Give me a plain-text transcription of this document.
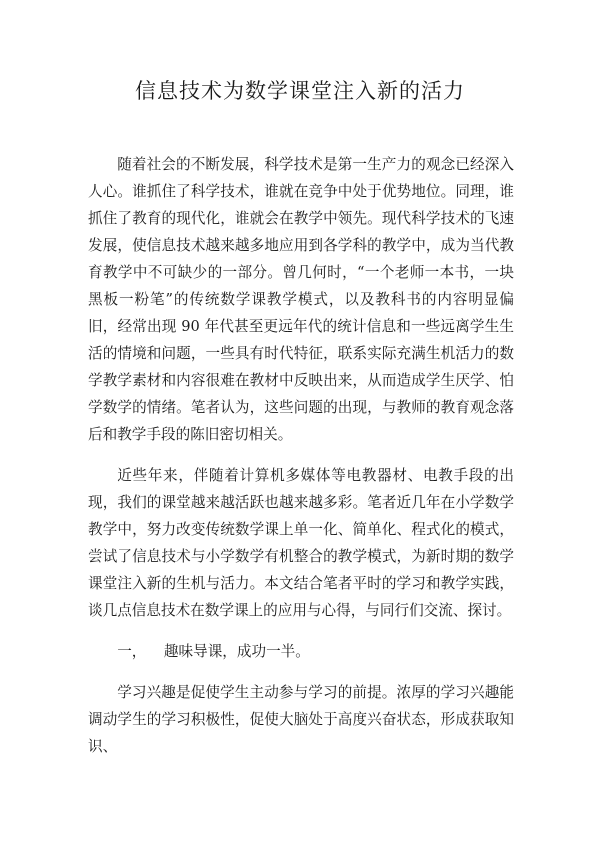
信息技术为数学课堂注入新的活力

随着社会的不断发展，科学技术是第一生产力的观念已经深入人心。谁抓住了科学技术，谁就在竞争中处于优势地位。同理，谁抓住了教育的现代化，谁就会在教学中领先。现代科学技术的飞速发展，使信息技术越来越多地应用到各学科的教学中，成为当代教育教学中不可缺少的一部分。曾几何时，“一个老师一本书，一块黑板一粉笔”的传统数学课教学模式，以及教科书的内容明显偏旧，经常出现 90 年代甚至更远年代的统计信息和一些远离学生生活的情境和问题，一些具有时代特征，联系实际充满生机活力的数学教学素材和内容很难在教材中反映出来，从而造成学生厌学、怕学数学的情绪。笔者认为，这些问题的出现，与教师的教育观念落后和教学手段的陈旧密切相关。

近些年来，伴随着计算机多媒体等电教器材、电教手段的出现，我们的课堂越来越活跃也越来越多彩。笔者近几年在小学数学教学中，努力改变传统数学课上单一化、简单化、程式化的模式，尝试了信息技术与小学数学有机整合的教学模式，为新时期的数学课堂注入新的生机与活力。本文结合笔者平时的学习和教学实践，谈几点信息技术在数学课上的应用与心得，与同行们交流、探讨。

一， 趣味导课，成功一半。

学习兴趣是促使学生主动参与学习的前提。浓厚的学习兴趣能调动学生的学习积极性，促使大脑处于高度兴奋状态，形成获取知识、
